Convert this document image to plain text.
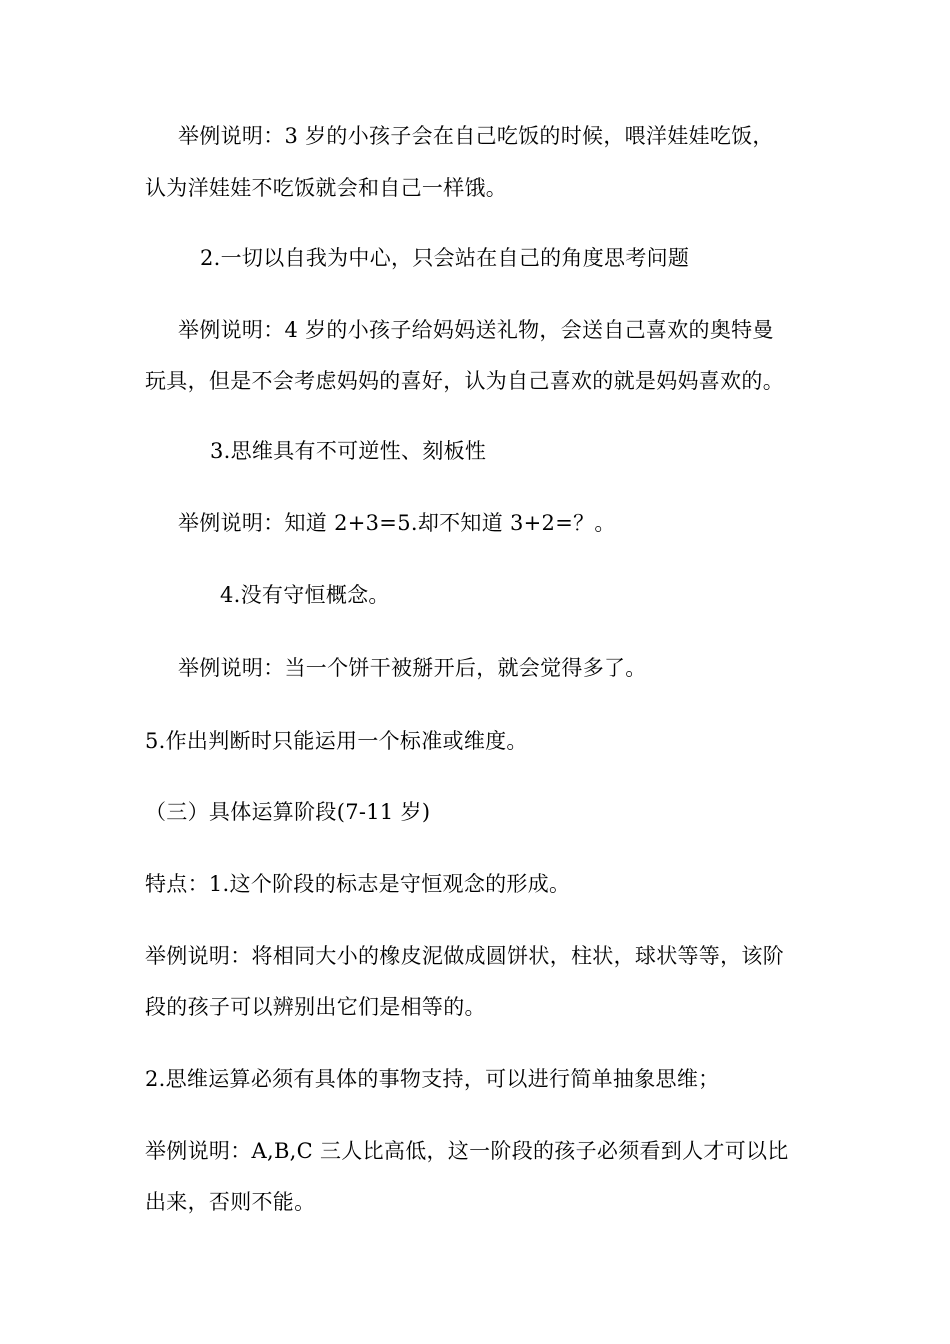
举例说明：3 岁的小孩子会在自己吃饭的时候，喂洋娃娃吃饭，
认为洋娃娃不吃饭就会和自己一样饿。
2.一切以自我为中心，只会站在自己的角度思考问题
举例说明：4 岁的小孩子给妈妈送礼物，会送自己喜欢的奥特曼
玩具，但是不会考虑妈妈的喜好，认为自己喜欢的就是妈妈喜欢的。
3.思维具有不可逆性、刻板性
举例说明：知道 2+3=5.却不知道 3+2=？。
4.没有守恒概念。
举例说明：当一个饼干被掰开后，就会觉得多了。
5.作出判断时只能运用一个标准或维度。
（三）具体运算阶段(7-11 岁)
特点：1.这个阶段的标志是守恒观念的形成。
举例说明：将相同大小的橡皮泥做成圆饼状，柱状，球状等等，该阶
段的孩子可以辨别出它们是相等的。
2.思维运算必须有具体的事物支持，可以进行简单抽象思维；
举例说明：A,B,C 三人比高低，这一阶段的孩子必须看到人才可以比
出来，否则不能。
